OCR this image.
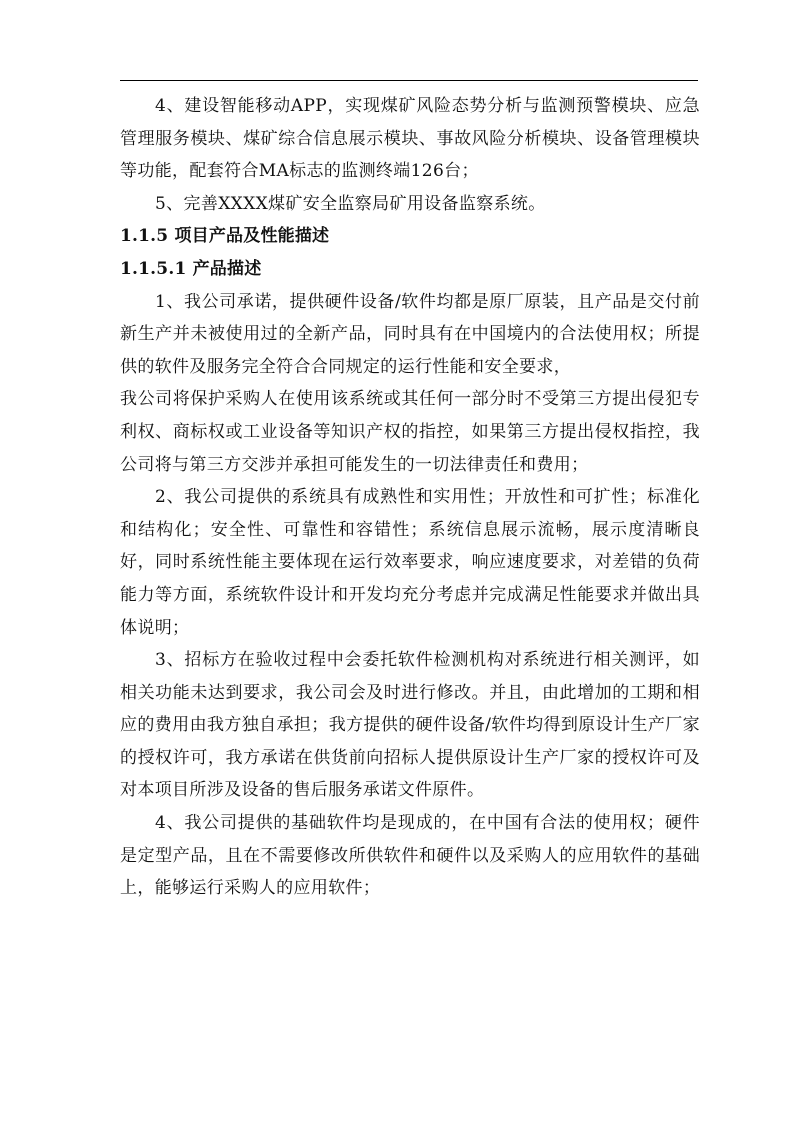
4、建设智能移动APP，实现煤矿风险态势分析与监测预警模块、应急管理服务模块、煤矿综合信息展示模块、事故风险分析模块、设备管理模块等功能，配套符合MA标志的监测终端126台；

5、完善XXXX煤矿安全监察局矿用设备监察系统。

1.1.5 项目产品及性能描述
1.1.5.1 产品描述

1、我公司承诺，提供硬件设备/软件均都是原厂原装，且产品是交付前新生产并未被使用过的全新产品，同时具有在中国境内的合法使用权；所提供的软件及服务完全符合合同规定的运行性能和安全要求，

我公司将保护采购人在使用该系统或其任何一部分时不受第三方提出侵犯专利权、商标权或工业设备等知识产权的指控，如果第三方提出侵权指控，我公司将与第三方交涉并承担可能发生的一切法律责任和费用；

2、我公司提供的系统具有成熟性和实用性；开放性和可扩性；标准化和结构化；安全性、可靠性和容错性；系统信息展示流畅，展示度清晰良好，同时系统性能主要体现在运行效率要求，响应速度要求，对差错的负荷能力等方面，系统软件设计和开发均充分考虑并完成满足性能要求并做出具体说明；

3、招标方在验收过程中会委托软件检测机构对系统进行相关测评，如相关功能未达到要求，我公司会及时进行修改。并且，由此增加的工期和相应的费用由我方独自承担；我方提供的硬件设备/软件均得到原设计生产厂家的授权许可，我方承诺在供货前向招标人提供原设计生产厂家的授权许可及对本项目所涉及设备的售后服务承诺文件原件。

4、我公司提供的基础软件均是现成的，在中国有合法的使用权；硬件是定型产品，且在不需要修改所供软件和硬件以及采购人的应用软件的基础上，能够运行采购人的应用软件；
